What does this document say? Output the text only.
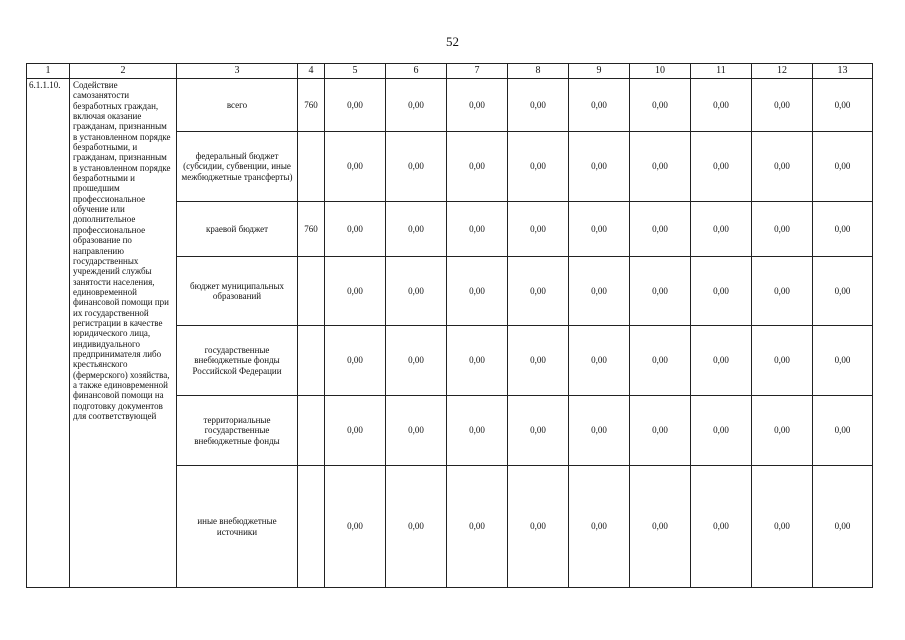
52
1	2	3	4	5	6	7	8	9	10	11	12	13
6.1.1.10.	Содействие самозанятости безработных граждан, включая оказание гражданам, признанным в установленном порядке безработными, и гражданам, признанным в установленном порядке безработными и прошедшим профессиональное обучение или дополнительное профессиональное образование по направлению государственных учреждений службы занятости населения, единовременной финансовой помощи при их государственной регистрации в качестве юридического лица, индивидуального предпринимателя либо крестьянского (фермерского) хозяйства, а также единовременной финансовой помощи на подготовку документов для соответствующей	всего	760	0,00	0,00	0,00	0,00	0,00	0,00	0,00	0,00	0,00
		федеральный бюджет (субсидии, субвенции, иные межбюджетные трансферты)		0,00	0,00	0,00	0,00	0,00	0,00	0,00	0,00	0,00
		краевой бюджет	760	0,00	0,00	0,00	0,00	0,00	0,00	0,00	0,00	0,00
		бюджет муниципальных образований		0,00	0,00	0,00	0,00	0,00	0,00	0,00	0,00	0,00
		государственные внебюджетные фонды Российской Федерации		0,00	0,00	0,00	0,00	0,00	0,00	0,00	0,00	0,00
		территориальные государственные внебюджетные фонды		0,00	0,00	0,00	0,00	0,00	0,00	0,00	0,00	0,00
		иные внебюджетные источники		0,00	0,00	0,00	0,00	0,00	0,00	0,00	0,00	0,00
